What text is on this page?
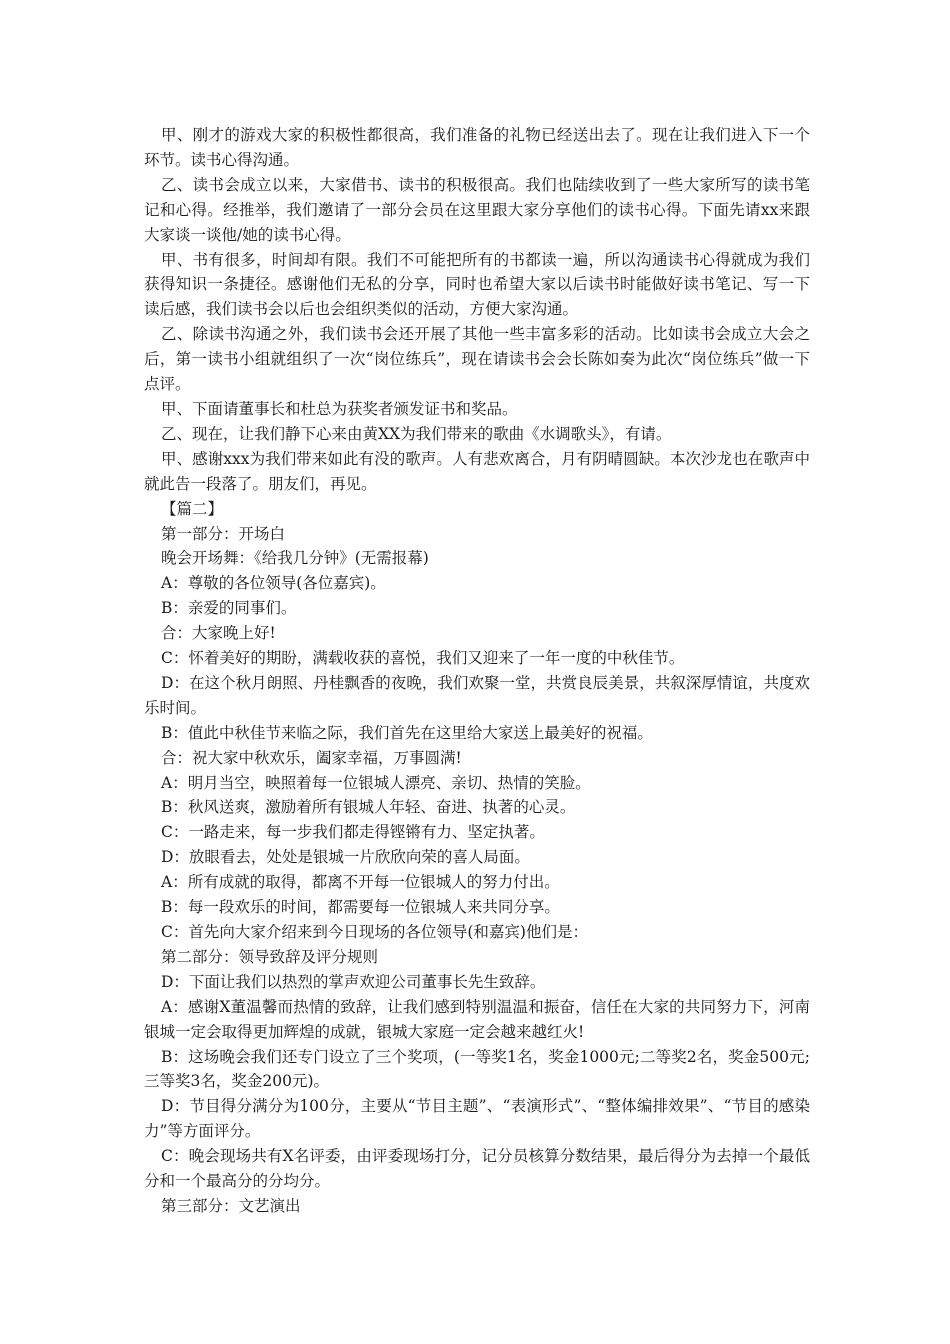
甲、刚才的游戏大家的积极性都很高，我们准备的礼物已经送出去了。现在让我们进入下一个环节。读书心得沟通。

乙、读书会成立以来，大家借书、读书的积极很高。我们也陆续收到了一些大家所写的读书笔记和心得。经推举，我们邀请了一部分会员在这里跟大家分享他们的读书心得。下面先请xx来跟大家谈一谈他/她的读书心得。

甲、书有很多，时间却有限。我们不可能把所有的书都读一遍，所以沟通读书心得就成为我们获得知识一条捷径。感谢他们无私的分享，同时也希望大家以后读书时能做好读书笔记、写一下读后感，我们读书会以后也会组织类似的活动，方便大家沟通。

乙、除读书沟通之外，我们读书会还开展了其他一些丰富多彩的活动。比如读书会成立大会之后，第一读书小组就组织了一次“岗位练兵”，现在请读书会会长陈如奏为此次“岗位练兵”做一下点评。

甲、下面请董事长和杜总为获奖者颁发证书和奖品。

乙、现在，让我们静下心来由黄XX为我们带来的歌曲《水调歌头》，有请。

甲、感谢xxx为我们带来如此有没的歌声。人有悲欢离合，月有阴晴圆缺。本次沙龙也在歌声中就此告一段落了。朋友们，再见。

【篇二】

第一部分：开场白

晚会开场舞：《给我几分钟》(无需报幕)

A：尊敬的各位领导(各位嘉宾)。

B：亲爱的同事们。

合：大家晚上好!

C：怀着美好的期盼，满载收获的喜悦，我们又迎来了一年一度的中秋佳节。

D：在这个秋月朗照、丹桂飘香的夜晚，我们欢聚一堂，共赏良辰美景，共叙深厚情谊，共度欢乐时间。

B：值此中秋佳节来临之际，我们首先在这里给大家送上最美好的祝福。

合：祝大家中秋欢乐，阖家幸福，万事圆满!

A：明月当空，映照着每一位银城人漂亮、亲切、热情的笑脸。

B：秋风送爽，激励着所有银城人年轻、奋进、执著的心灵。

C：一路走来，每一步我们都走得铿锵有力、坚定执著。

D：放眼看去，处处是银城一片欣欣向荣的喜人局面。

A：所有成就的取得，都离不开每一位银城人的努力付出。

B：每一段欢乐的时间，都需要每一位银城人来共同分享。

C：首先向大家介绍来到今日现场的各位领导(和嘉宾)他们是：

第二部分：领导致辞及评分规则

D：下面让我们以热烈的掌声欢迎公司董事长先生致辞。

A：感谢X董温馨而热情的致辞，让我们感到特别温温和振奋，信任在大家的共同努力下，河南银城一定会取得更加辉煌的成就，银城大家庭一定会越来越红火!

B：这场晚会我们还专门设立了三个奖项，(一等奖1名，奖金1000元;二等奖2名，奖金500元;三等奖3名，奖金200元)。

D：节目得分满分为100分，主要从“节目主题”、“表演形式”、“整体编排效果”、“节目的感染力”等方面评分。

C：晚会现场共有X名评委，由评委现场打分，记分员核算分数结果，最后得分为去掉一个最低分和一个最高分的分均分。

第三部分：文艺演出
